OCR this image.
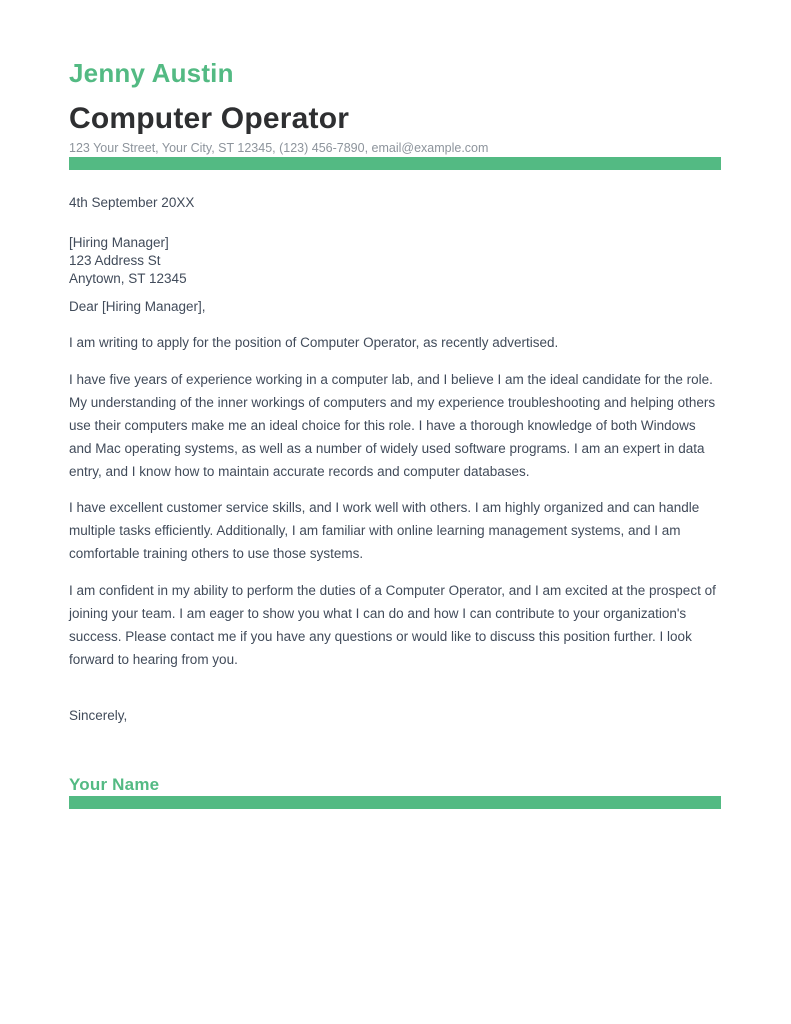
Jenny Austin
Computer Operator
123 Your Street, Your City, ST 12345, (123) 456-7890, email@example.com
4th September 20XX
[Hiring Manager]
123 Address St
Anytown, ST 12345
Dear [Hiring Manager],

I am writing to apply for the position of Computer Operator, as recently advertised.

I have five years of experience working in a computer lab, and I believe I am the ideal candidate for the role. My understanding of the inner workings of computers and my experience troubleshooting and helping others use their computers make me an ideal choice for this role. I have a thorough knowledge of both Windows and Mac operating systems, as well as a number of widely used software programs. I am an expert in data entry, and I know how to maintain accurate records and computer databases.

I have excellent customer service skills, and I work well with others. I am highly organized and can handle multiple tasks efficiently. Additionally, I am familiar with online learning management systems, and I am comfortable training others to use those systems.

I am confident in my ability to perform the duties of a Computer Operator, and I am excited at the prospect of joining your team. I am eager to show you what I can do and how I can contribute to your organization's success. Please contact me if you have any questions or would like to discuss this position further. I look forward to hearing from you.

Sincerely,
Your Name
